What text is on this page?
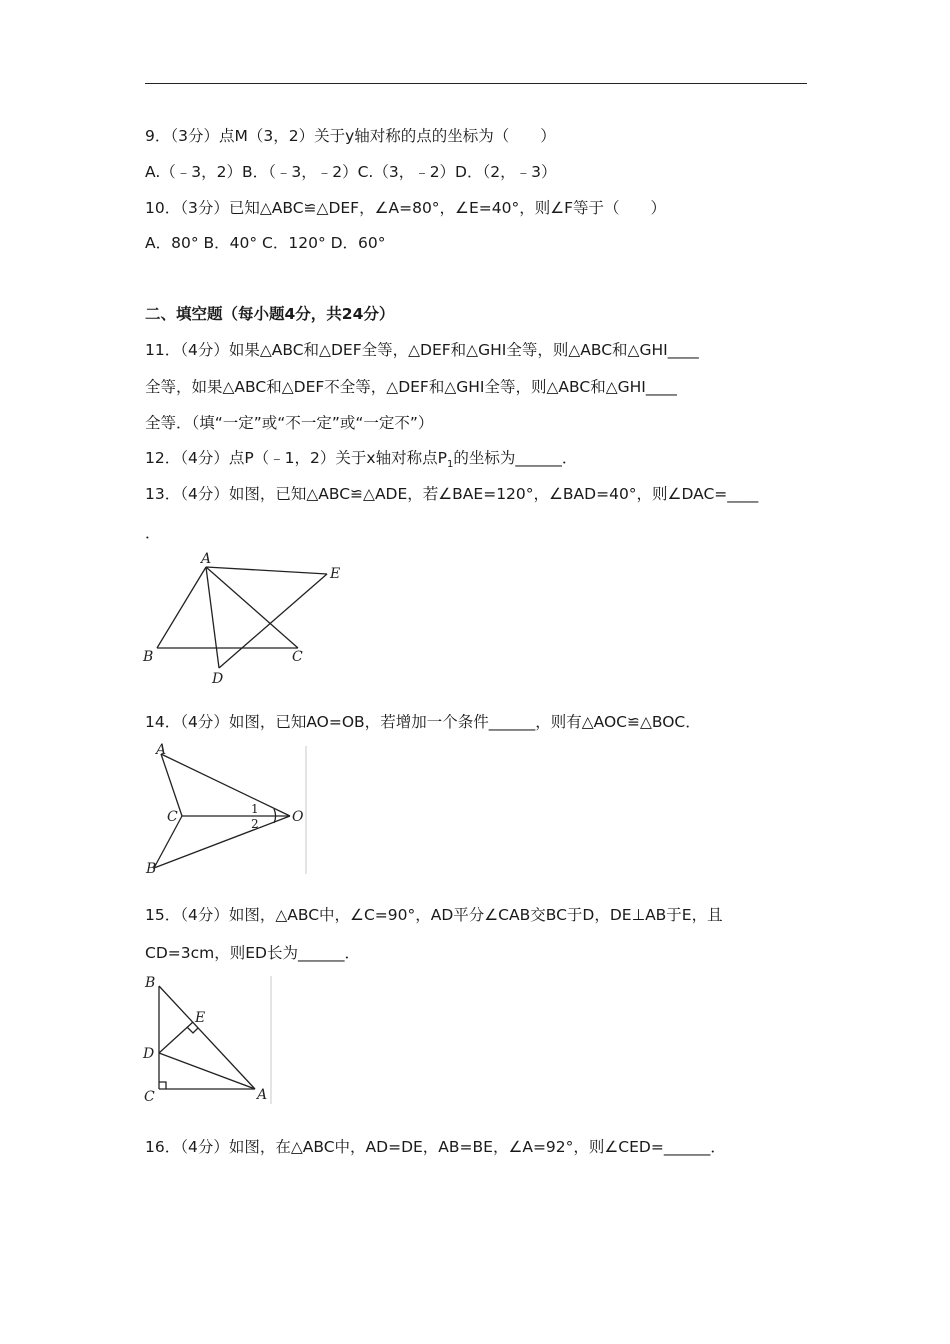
9．（3分）点M（3，2）关于y轴对称的点的坐标为（　　）
A.（﹣3，2）B．（﹣3，﹣2）C.（3，﹣2）D．（2，﹣3）
10．（3分）已知△ABC≌△DEF，∠A=80°，∠E=40°，则∠F等于（　　）
A．80° B．40° C．120° D．60°
二、填空题（每小题4分，共24分）
11．（4分）如果△ABC和△DEF全等，△DEF和△GHI全等，则△ABC和△GHI____
全等，如果△ABC和△DEF不全等，△DEF和△GHI全等，则△ABC和△GHI____
全等．（填“一定”或“不一定”或“一定不”）
12．（4分）点P（﹣1，2）关于x轴对称点$P_1$的坐标为______．
13．（4分）如图，已知△ABC≌△ADE，若∠BAE=120°，∠BAD=40°，则∠DAC=____
．
A
B	C
D
E
14．（4分）如图，已知AO=OB，若增加一个条件______，则有△AOC≌△BOC．
A
B
C	O
1
2
15．（4分）如图，△ABC中，∠C=90°，AD平分∠CAB交BC于D，DE⊥AB于E，且
CD=3cm，则ED长为______．
B
E
D
C	A
16．（4分）如图，在△ABC中，AD=DE，AB=BE，∠A=92°，则∠CED=______．
